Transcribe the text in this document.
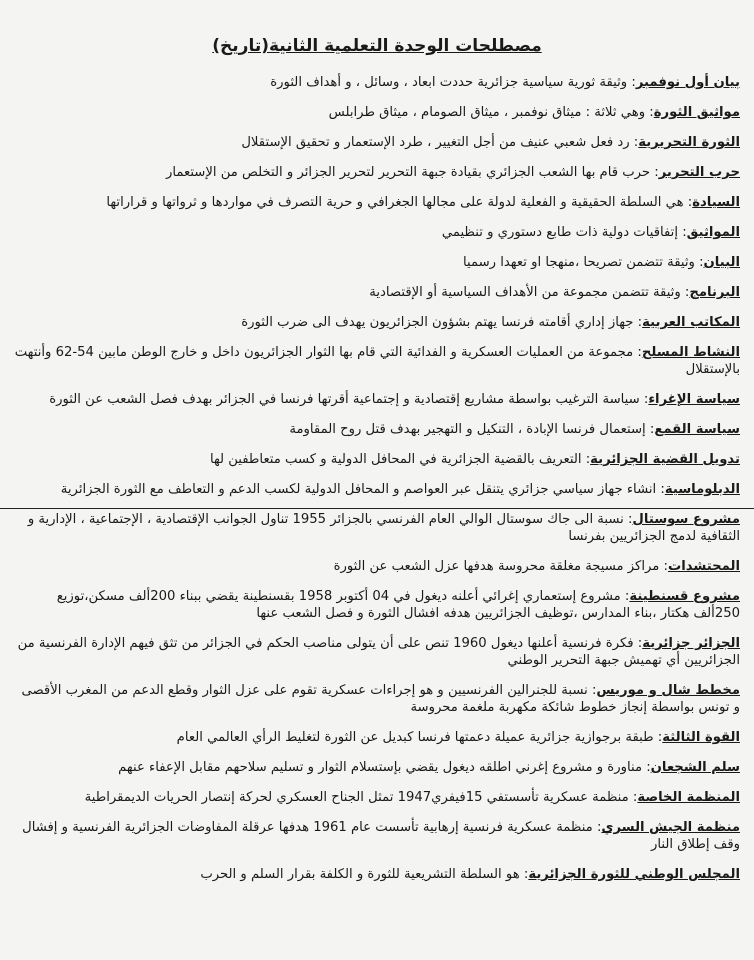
مصطلحات الوحدة التعلمية الثانية(تاريخ)
بيان أول نوفمبر: وثيقة ثورية سياسية جزائرية حددت ابعاد ، وسائل ، و أهداف الثورة
مواثيق الثورة: وهي ثلاثة : ميثاق نوفمبر ، ميثاق الصومام ، ميثاق طرابلس
الثورة التحريرية: رد فعل شعبي عنيف من أجل التغيير ، طرد الإستعمار و تحقيق الإستقلال
حرب التحرير: حرب قام بها الشعب الجزائري بقيادة جبهة التحرير لتحرير الجزائر و التخلص من الإستعمار
السيادة: هي السلطة الحقيقية و الفعلية لدولة على مجالها الجغرافي و حرية التصرف في مواردها و ثرواتها و قراراتها
المواثيق: إتفاقيات دولية ذات طابع دستوري و تنظيمي
البيان: وثيقة تتضمن تصريحا ،منهجا او تعهدا رسميا
البرنامج: وثيقة تتضمن مجموعة من الأهداف السياسية أو الإقتصادية
المكاتب العربية: جهاز إداري أقامته فرنسا يهتم بشؤون الجزائريون يهدف الى ضرب الثورة
النشاط المسلح: مجموعة من العمليات العسكرية و الفدائية التي قام بها الثوار الجزائريون داخل و خارج الوطن مابين 54-62 وأنتهت بالإستقلال
سياسة الإغراء: سياسة الترغيب بواسطة مشاريع إقتصادية و إجتماعية أقرتها فرنسا في الجزائر بهدف فصل الشعب عن الثورة
سياسة القمع: إستعمال فرنسا الإبادة ، التنكيل و التهجير بهدف قتل روح المقاومة
تدويل القضية الجزائرية: التعريف بالقضية الجزائرية في المحافل الدولية و كسب متعاطفين لها
الدبلوماسية: انشاء جهاز سياسي جزائري يتنقل عبر العواصم و المحافل الدولية لكسب الدعم و التعاطف مع الثورة الجزائرية
مشروع سوستال: نسبة الى جاك سوستال الوالي العام الفرنسي بالجزائر 1955 تناول الجوانب الإقتصادية ، الإجتماعية ، الإدارية و الثقافية لدمج الجزائريين بفرنسا
المحتشدات: مراكز مسيجة مغلقة محروسة هدفها عزل الشعب عن الثورة
مشروع قسنطينة: مشروع إستعماري إغرائي أعلنه ديغول في 04 أكتوبر 1958 بقسنطينة يقضي ببناء 200ألف مسكن،توزيع 250ألف هكتار ،بناء المدارس ،توظيف الجزائريين هدفه افشال الثورة و فصل الشعب عنها
الجزائر جزائرية: فكرة فرنسية أعلنها ديغول 1960 تنص على أن يتولى مناصب الحكم في الجزائر من تثق فيهم الإدارة الفرنسية من الجزائريين أي تهميش جبهة التحرير الوطني
مخطط شال و موريس: نسبة للجنرالين الفرنسيين و هو إجراءات عسكرية تقوم على عزل الثوار وقطع الدعم من المغرب الأقصى و تونس بواسطة إنجاز خطوط شائكة مكهربة ملغمة محروسة
القوة الثالثة: طبقة برجوازية جزائرية عميلة دعمتها فرنسا كبديل عن الثورة لتغليط الرأي العالمي العام
سلم الشجعان: مناورة و مشروع إغرني اطلقه ديغول يقضي بإستسلام الثوار و تسليم سلاحهم مقابل الإعفاء عنهم
المنظمة الخاصة: منظمة عسكرية تأسستفي 15فيفري1947 تمثل الجناح العسكري لحركة إنتصار الحريات الديمقراطية
منظمة الجيش السري: منظمة عسكرية فرنسية إرهابية تأسست عام 1961 هدفها عرقلة المفاوضات الجزائرية الفرنسية و إفشال وقف إطلاق النار
المجلس الوطني للثورة الجزائرية: هو السلطة التشريعية للثورة و الكلفة بقرار السلم و الحرب
